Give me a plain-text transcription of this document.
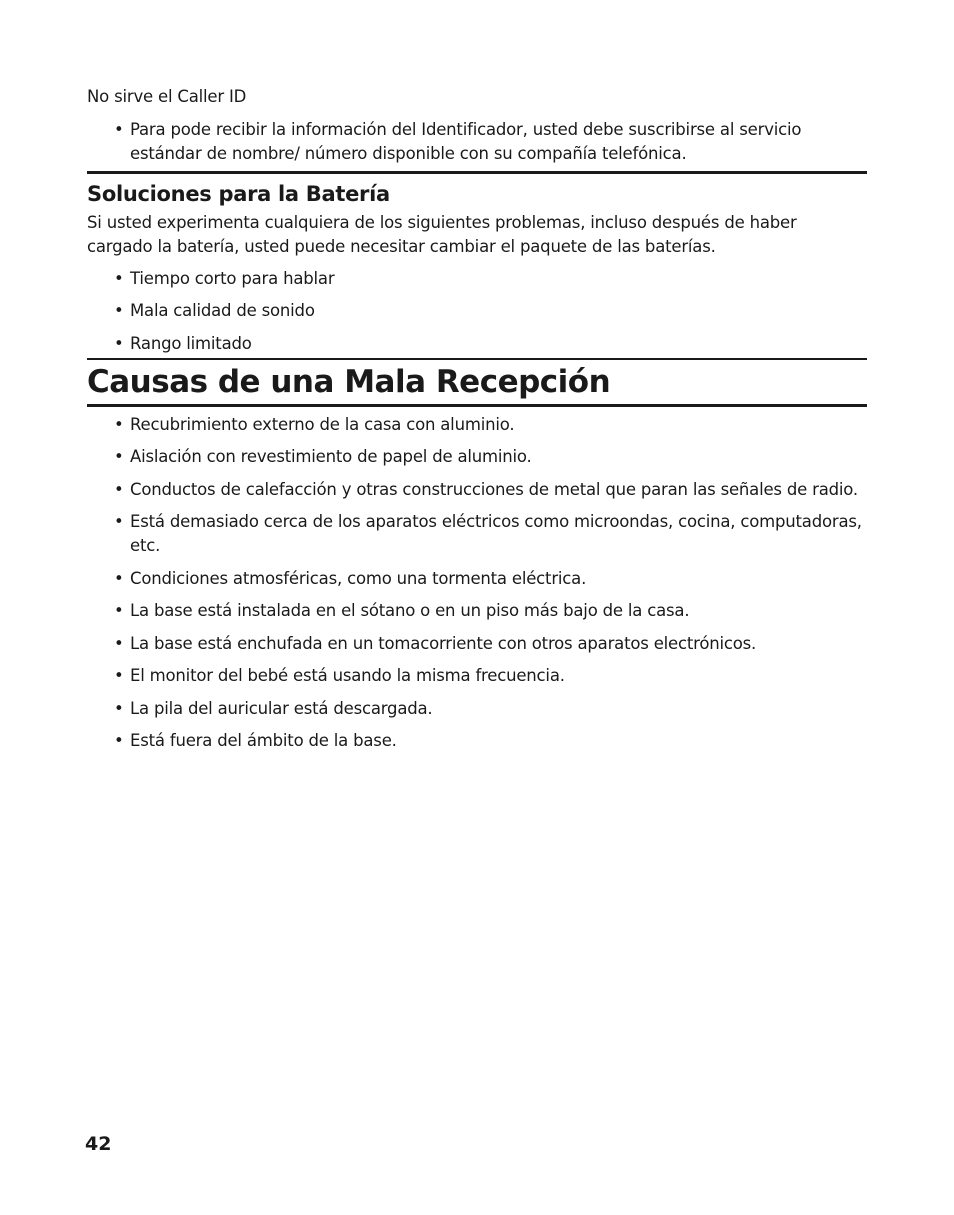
No sirve el Caller ID

• Para pode recibir la información del Identificador, usted debe suscribirse al servicio estándar de nombre/ número disponible con su compañía telefónica.
Soluciones para la Batería

Si usted experimenta cualquiera de los siguientes problemas, incluso después de haber cargado la batería, usted puede necesitar cambiar el paquete de las baterías.

• Tiempo corto para hablar
• Mala calidad de sonido
• Rango limitado
Causas de una Mala Recepción
• Recubrimiento externo de la casa con aluminio.
• Aislación con revestimiento de papel de aluminio.
• Conductos de calefacción y otras construcciones de metal que paran las señales de radio.
• Está demasiado cerca de los aparatos eléctricos como microondas, cocina, computadoras, etc.
• Condiciones atmosféricas, como una tormenta eléctrica.
• La base está instalada en el sótano o en un piso más bajo de la casa.
• La base está enchufada en un tomacorriente con otros aparatos electrónicos.
• El monitor del bebé está usando la misma frecuencia.
• La pila del auricular está descargada.
• Está fuera del ámbito de la base.
42
